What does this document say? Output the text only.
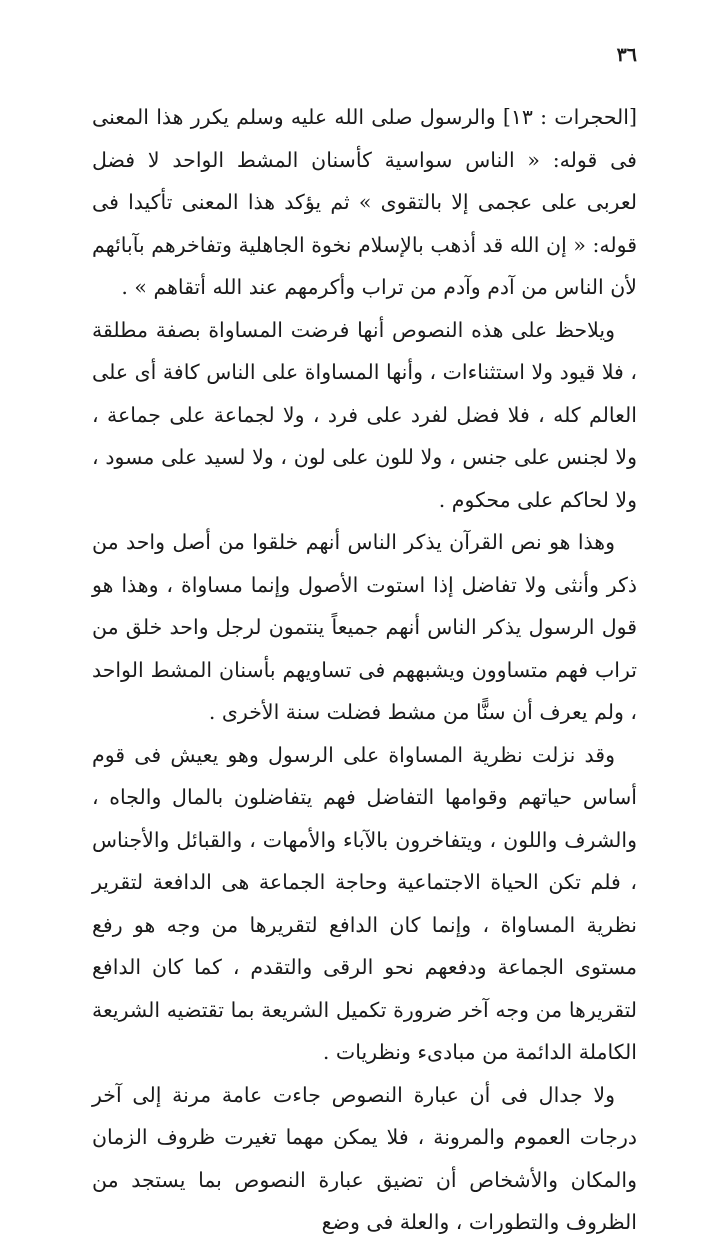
٣٦

[الحجرات : ١٣] والرسول صلى الله عليه وسلم يكرر هذا المعنى فى قوله: « الناس سواسية كأسنان المشط الواحد لا فضل لعربى على عجمى إلا بالتقوى » ثم يؤكد هذا المعنى تأكيدا فى قوله: « إن الله قد أذهب بالإسلام نخوة الجاهلية وتفاخرهم بآبائهم لأن الناس من آدم وآدم من تراب وأكرمهم عند الله أتقاهم » .

ويلاحظ على هذه النصوص أنها فرضت المساواة بصفة مطلقة ، فلا قيود ولا استثناءات ، وأنها المساواة على الناس كافة أى على العالم كله ، فلا فضل لفرد على فرد ، ولا لجماعة على جماعة ، ولا لجنس على جنس ، ولا للون على لون ، ولا لسيد على مسود ، ولا لحاكم على محكوم .

وهذا هو نص القرآن يذكر الناس أنهم خلقوا من أصل واحد من ذكر وأنثى ولا تفاضل إذا استوت الأصول وإنما مساواة ، وهذا هو قول الرسول يذكر الناس أنهم جميعاً ينتمون لرجل واحد خلق من تراب فهم متساوون ويشبههم فى تساويهم بأسنان المشط الواحد ، ولم يعرف أن سنًّا من مشط فضلت سنة الأخرى .

وقد نزلت نظرية المساواة على الرسول وهو يعيش فى قوم أساس حياتهم وقوامها التفاضل فهم يتفاضلون بالمال والجاه ، والشرف واللون ، ويتفاخرون بالآباء والأمهات ، والقبائل والأجناس ، فلم تكن الحياة الاجتماعية وحاجة الجماعة هى الدافعة لتقرير نظرية المساواة ، وإنما كان الدافع لتقريرها من وجه هو رفع مستوى الجماعة ودفعهم نحو الرقى والتقدم ، كما كان الدافع لتقريرها من وجه آخر ضرورة تكميل الشريعة بما تقتضيه الشريعة الكاملة الدائمة من مبادىء ونظريات .

ولا جدال فى أن عبارة النصوص جاءت عامة مرنة إلى آخر درجات العموم والمرونة ، فلا يمكن مهما تغيرت ظروف الزمان والمكان والأشخاص أن تضيق عبارة النصوص بما يستجد من الظروف والتطورات ، والعلة فى وضع
